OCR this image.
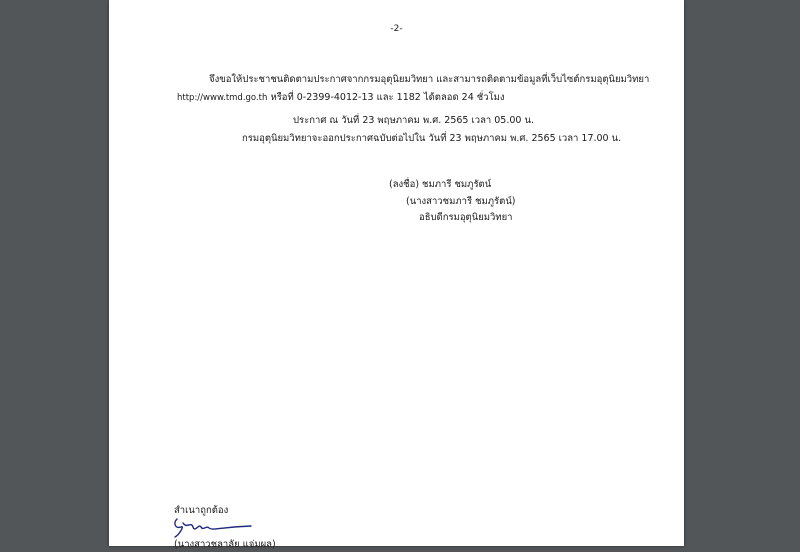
-2-
จึงขอให้ประชาชนติดตามประกาศจากกรมอุตุนิยมวิทยา และสามารถติดตามข้อมูลที่เว็บไซต์กรมอุตุนิยมวิทยา
http://www.tmd.go.th หรือที่ 0-2399-4012-13 และ 1182 ได้ตลอด 24 ชั่วโมง
ประกาศ ณ วันที่ 23 พฤษภาคม พ.ศ. 2565 เวลา 05.00 น.
กรมอุตุนิยมวิทยาจะออกประกาศฉบับต่อไปใน วันที่ 23 พฤษภาคม พ.ศ. 2565 เวลา 17.00 น.
(ลงชื่อ) ชมภารี ชมภูรัตน์
(นางสาวชมภารี ชมภูรัตน์)
อธิบดีกรมอุตุนิยมวิทยา
สำเนาถูกต้อง
(นางสาวชลาลัย แจ่มผล)
